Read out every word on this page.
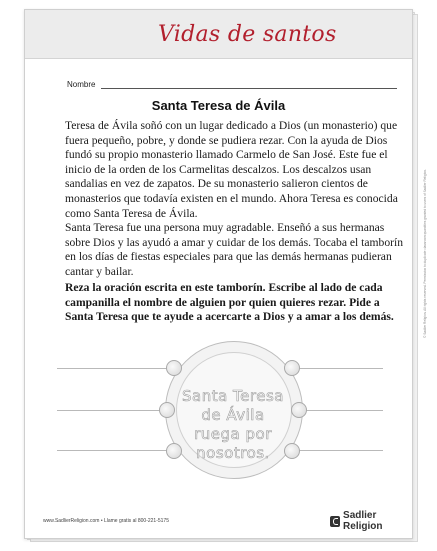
Vidas de santos
Nombre
Santa Teresa de Ávila

Teresa de Ávila soñó con un lugar dedicado a Dios (un monasterio) que fuera pequeño, pobre, y donde se pudiera rezar. Con la ayuda de Dios fundó su propio monasterio llamado Carmelo de San José. Este fue el inicio de la orden de los Carmelitas descalzos. Los descalzos usan sandalias en vez de zapatos. De su monasterio salieron cientos de monasterios que todavía existen en el mundo. Ahora Teresa es conocida como Santa Teresa de Ávila.

Santa Teresa fue una persona muy agradable. Enseñó a sus hermanas sobre Dios y las ayudó a amar y cuidar de los demás. Tocaba el tamborín en los días de fiestas especiales para que las demás hermanas pudieran cantar y bailar.

Reza la oración escrita en este tamborín. Escribe al lado de cada campanilla el nombre de alguien por quien quieres rezar. Pide a Santa Teresa que te ayude a acercarte a Dios y a amar a los demás.

Santa Teresa
de Ávila
ruega por
nosotros.
© Sadlier Religion. All rights reserved. Permission to duplicate classroom quantities granted to users of Sadlier Religion.
www.SadlierReligion.com • Llame gratis al 800-221-5175	Sadlier Religion
